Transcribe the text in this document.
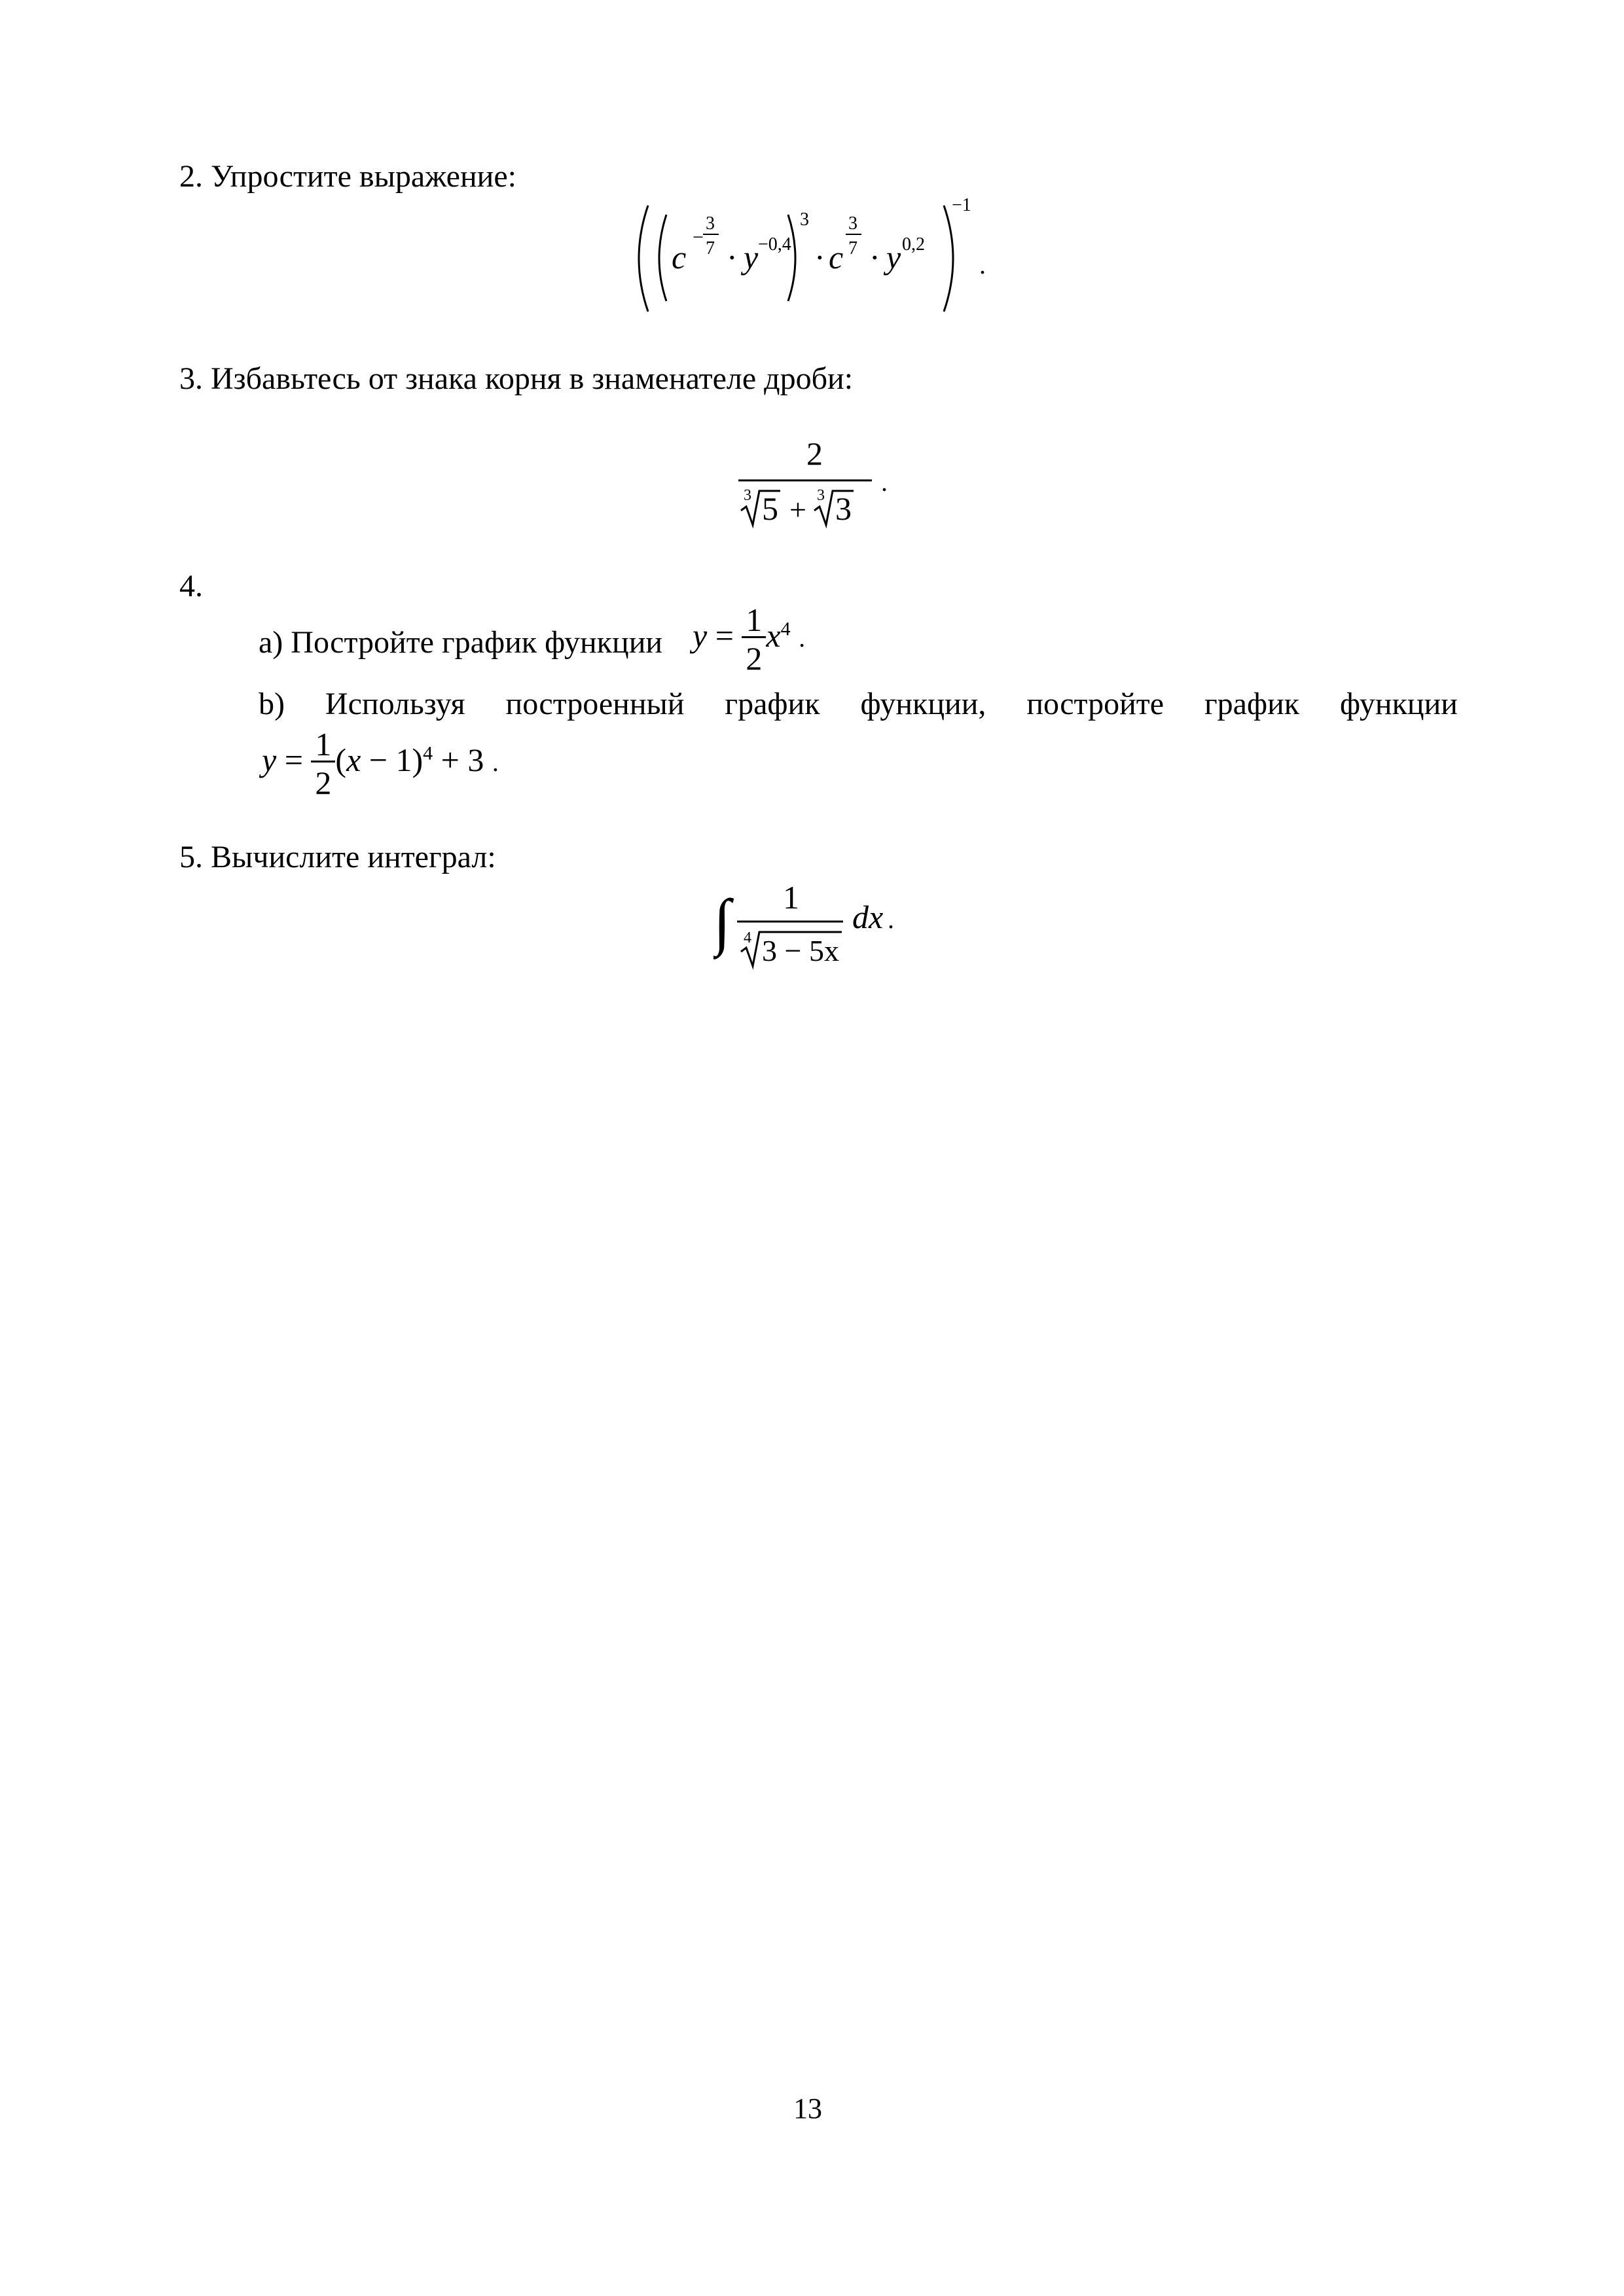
2. Упростите выражение:
c
−
3
7 · y −0,4
3
· c
3
7 · y 0,2
−1
.
3. Избавьтесь от знака корня в знаменателе дроби:
2
3 5 + 3 3
.
4.
a) Постройте график функции $y = \frac{1}{2} x^4$ .
b) Используя построенный график функции, постройте график функции
$y = \frac{1}{2} (x - 1)^4 + 3$ .
5. Вычислите интеграл:
∫ 1
4 3 − 5x
dx .
13
